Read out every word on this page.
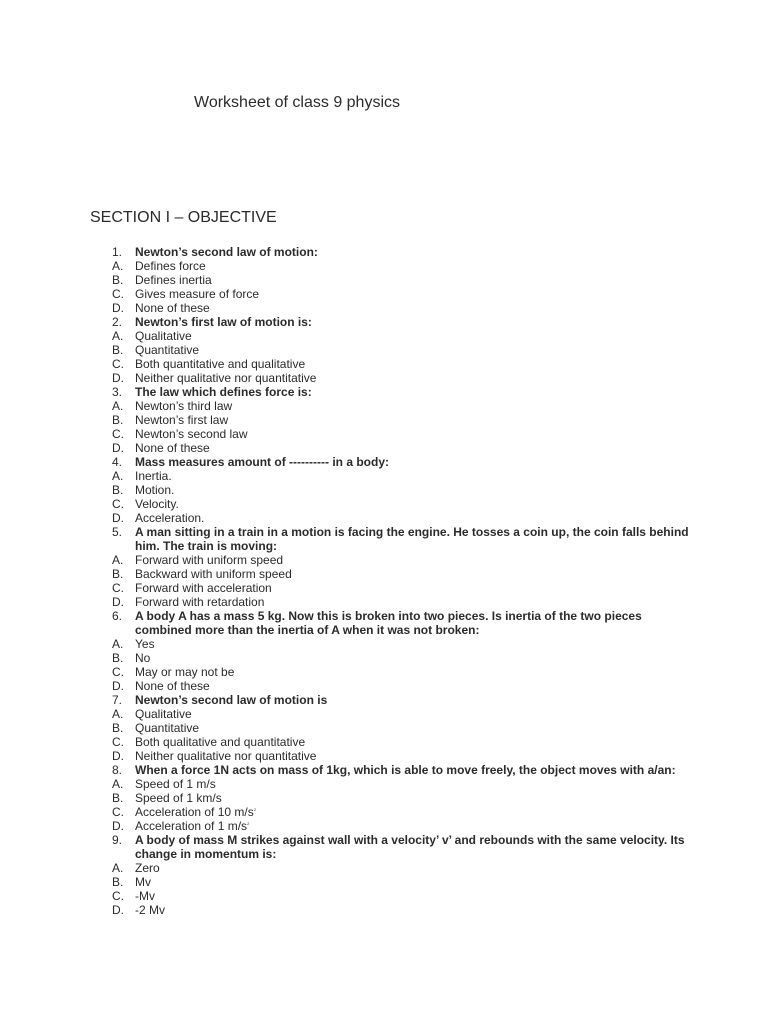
Worksheet of class 9 physics
SECTION I – OBJECTIVE
1.	Newton’s second law of motion:
A. Defines force
B. Defines inertia
C. Gives measure of force
D. None of these
2.	Newton’s first law of motion is:
A. Qualitative
B. Quantitative
C. Both quantitative and qualitative
D. Neither qualitative nor quantitative
3.	The law which defines force is:
A. Newton’s third law
B. Newton’s first law
C. Newton’s second law
D. None of these
4.	Mass measures amount of ---------- in a body:
A. Inertia.
B. Motion.
C. Velocity.
D. Acceleration.
5.	A man sitting in a train in a motion is facing the engine. He tosses a coin up, the coin falls behind him. The train is moving:
A. Forward with uniform speed
B. Backward with uniform speed
C. Forward with acceleration
D. Forward with retardation
6.	A body A has a mass 5 kg. Now this is broken into two pieces. Is inertia of the two pieces combined more than the inertia of A when it was not broken:
A. Yes
B. No
C. May or may not be
D. None of these
7.	Newton’s second law of motion is
A. Qualitative
B. Quantitative
C. Both qualitative and quantitative
D. Neither qualitative nor quantitative
8.	When a force 1N acts on mass of 1kg, which is able to move freely, the object moves with a/an:
A. Speed of 1 m/s
B. Speed of 1 km/s
C. Acceleration of 10 $m/s^2$
D. Acceleration of 1 $m/s^2$
9.	A body of mass M strikes against wall with a velocity’ v’ and rebounds with the same velocity. Its change in momentum is:
A. Zero
B. Mv
C. -Mv
D. -2 Mv
